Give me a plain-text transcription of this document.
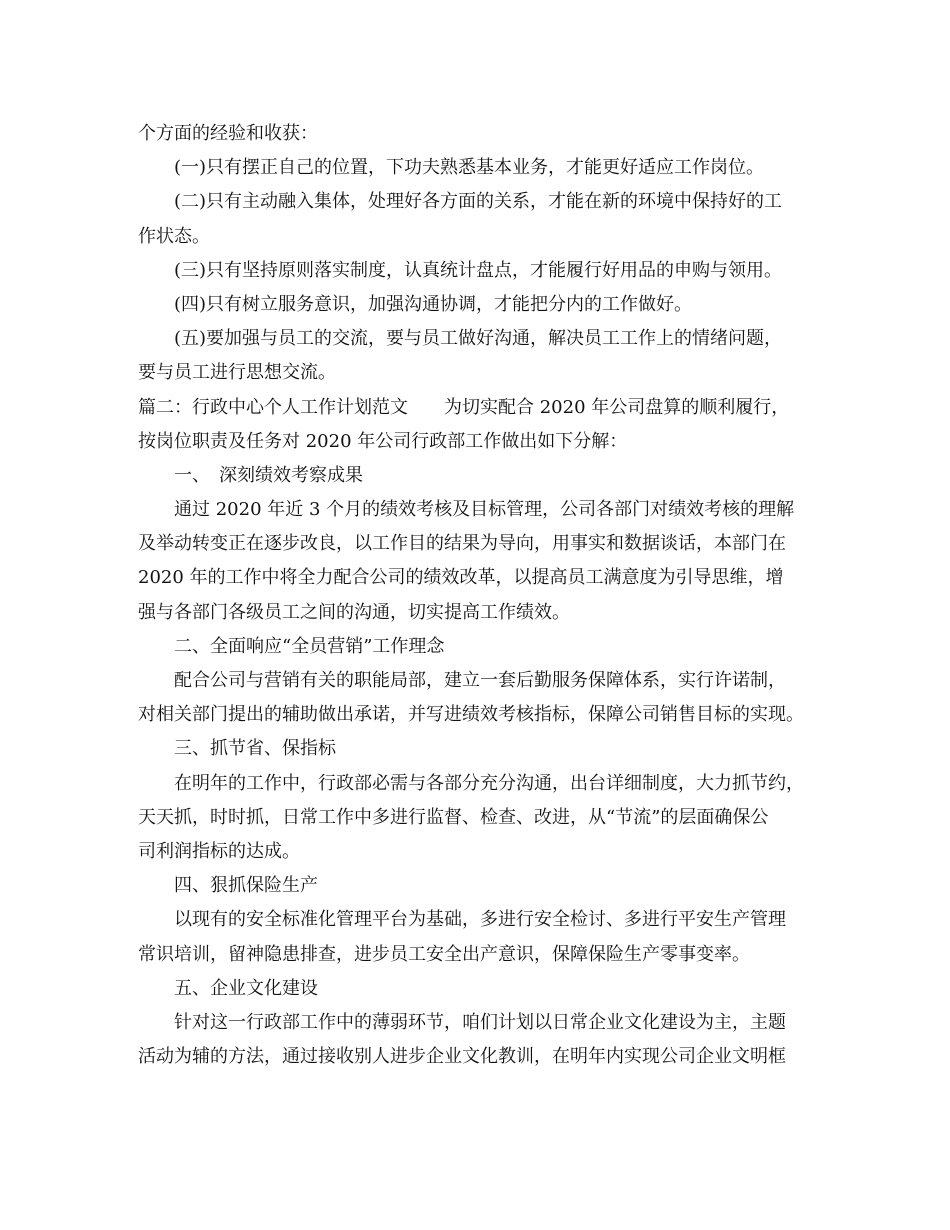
个方面的经验和收获：
(一)只有摆正自己的位置，下功夫熟悉基本业务，才能更好适应工作岗位。
(二)只有主动融入集体，处理好各方面的关系，才能在新的环境中保持好的工
作状态。
(三)只有坚持原则落实制度，认真统计盘点，才能履行好用品的申购与领用。
(四)只有树立服务意识，加强沟通协调，才能把分内的工作做好。
(五)要加强与员工的交流，要与员工做好沟通，解决员工工作上的情绪问题，
要与员工进行思想交流。
篇二：行政中心个人工作计划范文　　为切实配合 2020 年公司盘算的顺利履行，
按岗位职责及任务对 2020 年公司行政部工作做出如下分解：
一、　深刻绩效考察成果
通过 2020 年近 3 个月的绩效考核及目标管理，公司各部门对绩效考核的理解
及举动转变正在逐步改良，以工作目的结果为导向，用事实和数据谈话，本部门在
2020 年的工作中将全力配合公司的绩效改革，以提高员工满意度为引导思维，增
强与各部门各级员工之间的沟通，切实提高工作绩效。
二、全面响应“全员营销”工作理念
配合公司与营销有关的职能局部，建立一套后勤服务保障体系，实行许诺制，
对相关部门提出的辅助做出承诺，并写进绩效考核指标，保障公司销售目标的实现。
三、抓节省、保指标
在明年的工作中，行政部必需与各部分充分沟通，出台详细制度，大力抓节约，
天天抓，时时抓，日常工作中多进行监督、检查、改进，从“节流”的层面确保公
司利润指标的达成。
四、狠抓保险生产
以现有的安全标准化管理平台为基础，多进行安全检讨、多进行平安生产管理
常识培训，留神隐患排查，进步员工安全出产意识，保障保险生产零事变率。
五、企业文化建设
针对这一行政部工作中的薄弱环节，咱们计划以日常企业文化建设为主，主题
活动为辅的方法，通过接收别人进步企业文化教训，在明年内实现公司企业文明框
